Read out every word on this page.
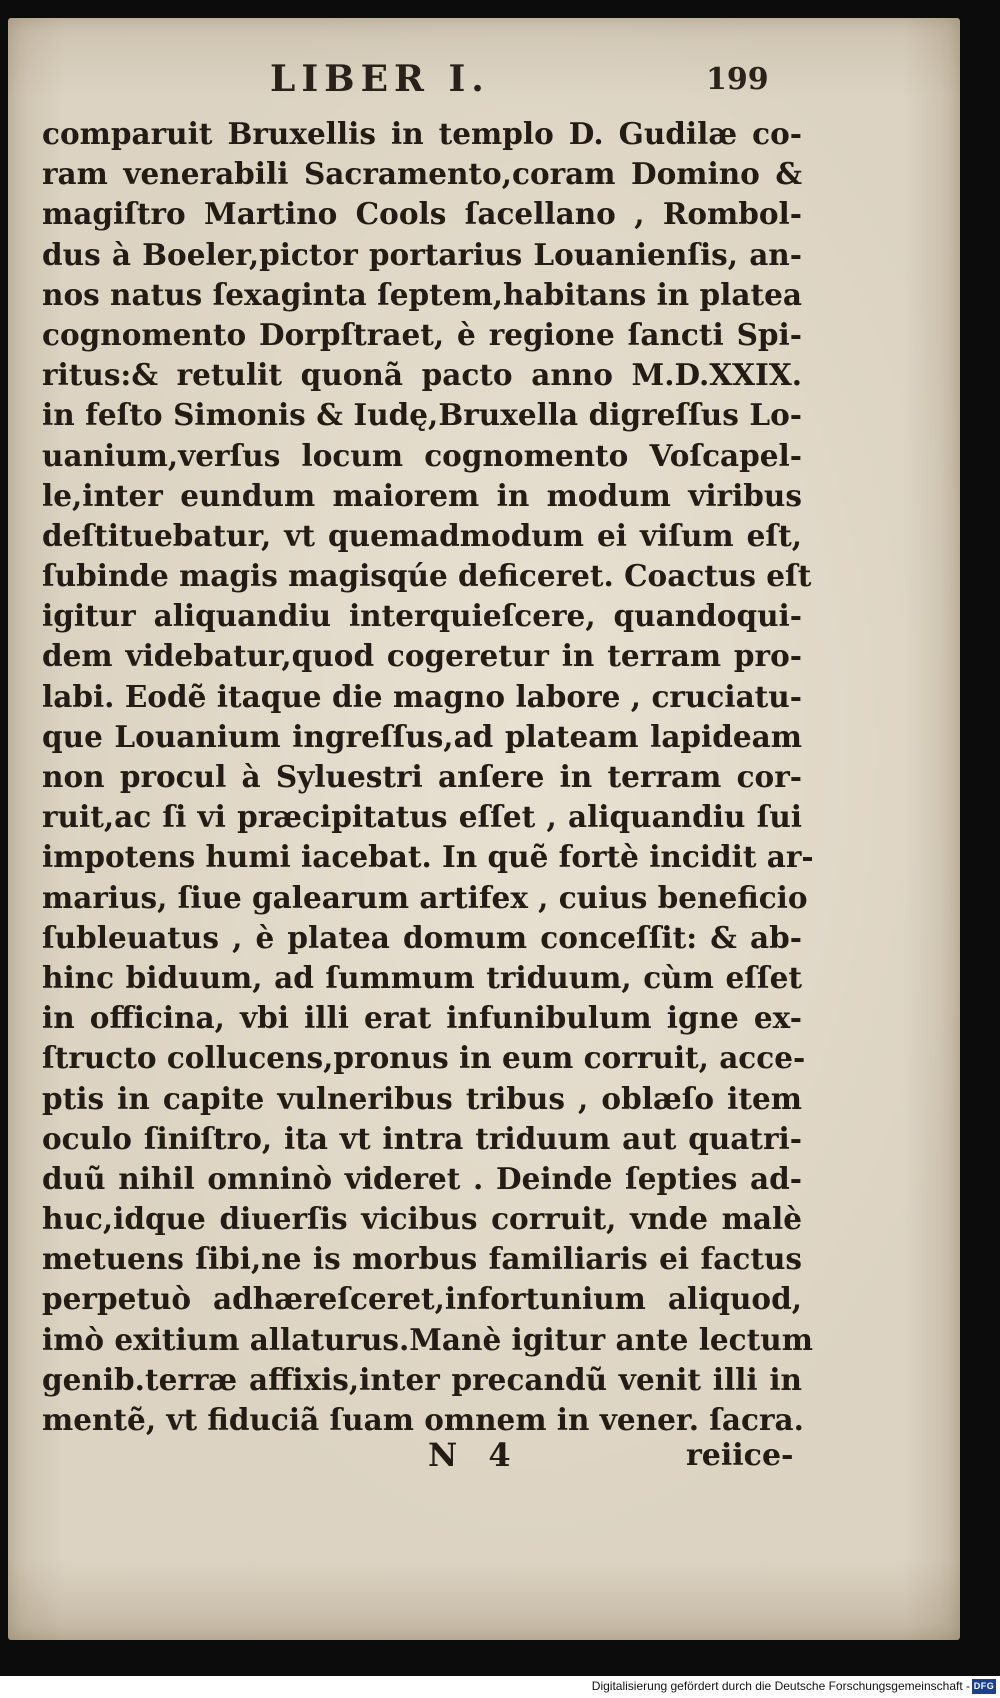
LIBER I.	199
comparuit Bruxellis in templo D. Gudilæ co-
ram venerabili Sacramento,coram Domino &
magiſtro Martino Cools ſacellano , Rombol-
dus à Boeler,pictor portarius Louanienſis, an-
nos natus ſexaginta ſeptem,habitans in platea
cognomento Dorpſtraet, è regione ſancti Spi-
ritus:& retulit quonã pacto anno M.D.XXIX.
in feſto Simonis & Iudę,Bruxella digreſſus Lo-
uanium,verſus locum cognomento Voſcapel-
le,inter eundum maiorem in modum viribus
deſtituebatur, vt quemadmodum ei viſum eſt,
ſubinde magis magisqúe deficeret. Coactus eſt
igitur aliquandiu interquieſcere, quandoqui-
dem videbatur,quod cogeretur in terram pro-
labi. Eodẽ itaque die magno labore , cruciatu-
que Louanium ingreſſus,ad plateam lapideam
non procul à Syluestri anſere in terram cor-
ruit,ac ſi vi præcipitatus eſſet , aliquandiu ſui
impotens humi iacebat. In quẽ fortè incidit ar-
marius, ſiue galearum artifex , cuius beneficio
ſubleuatus , è platea domum conceſſit: & ab-
hinc biduum, ad ſummum triduum, cùm eſſet
in officina, vbi illi erat infunibulum igne ex-
ſtructo collucens,pronus in eum corruit, acce-
ptis in capite vulneribus tribus , oblæſo item
oculo ſiniſtro, ita vt intra triduum aut quatri-
duũ nihil omninò videret . Deinde ſepties ad-
huc,idque diuerſis vicibus corruit, vnde malè
metuens ſibi,ne is morbus familiaris ei factus
perpetuò adhæreſceret,infortunium aliquod,
imò exitium allaturus.Manè igitur ante lectum
genib.terræ affixis,inter precandũ venit illi in
mentẽ, vt fiduciã ſuam omnem in vener. ſacra.
N 4	reiice-
Digitalisierung gefördert durch die Deutsche Forschungsgemeinschaft - DFG
